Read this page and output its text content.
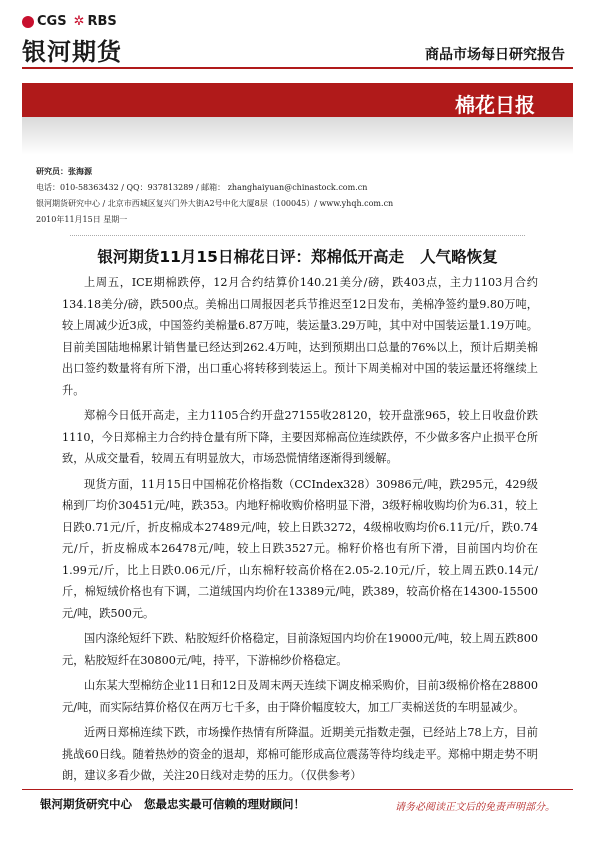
CGS ✲ RBS
银河期货	商品市场每日研究报告
棉花日报
研究员：张海源
电话：010-58363432 / QQ：937813289 / 邮箱： zhanghaiyuan@chinastock.com.cn
银河期货研究中心 / 北京市西城区复兴门外大街A2号中化大厦8层（100045）/ www.yhqh.com.cn
2010年11月15日 星期一
银河期货11月15日棉花日评：郑棉低开高走   人气略恢复

上周五，ICE期棉跌停，12月合约结算价140.21美分/磅，跌403点，主力1103月合约134.18美分/磅，跌500点。美棉出口周报因老兵节推迟至12日发布，美棉净签约量9.80万吨，较上周减少近3成，中国签约美棉量6.87万吨，装运量3.29万吨，其中对中国装运量1.19万吨。目前美国陆地棉累计销售量已经达到262.4万吨，达到预期出口总量的76%以上，预计后期美棉出口签约数量将有所下滑，出口重心将转移到装运上。预计下周美棉对中国的装运量还将继续上升。

郑棉今日低开高走，主力1105合约开盘27155收28120，较开盘涨965，较上日收盘价跌1110，今日郑棉主力合约持仓量有所下降，主要因郑棉高位连续跌停，不少做多客户止损平仓所致，从成交量看，较周五有明显放大，市场恐慌情绪逐渐得到缓解。

现货方面，11月15日中国棉花价格指数（CCIndex328）30986元/吨，跌295元，429级棉到厂均价30451元/吨，跌353。内地籽棉收购价格明显下滑，3级籽棉收购均价为6.31，较上日跌0.71元/斤，折皮棉成本27489元/吨，较上日跌3272，4级棉收购均价6.11元/斤，跌0.74元/斤，折皮棉成本26478元/吨，较上日跌3527元。棉籽价格也有所下滑，目前国内均价在1.99元/斤，比上日跌0.06元/斤，山东棉籽较高价格在2.05-2.10元/斤，较上周五跌0.14元/斤，棉短绒价格也有下调，二道绒国内均价在13389元/吨，跌389，较高价格在14300-15500元/吨，跌500元。

国内涤纶短纤下跌、粘胶短纤价格稳定，目前涤短国内均价在19000元/吨，较上周五跌800元，粘胶短纤在30800元/吨，持平，下游棉纱价格稳定。

山东某大型棉纺企业11日和12日及周末两天连续下调皮棉采购价，目前3级棉价格在28800元/吨，而实际结算价格仅在两万七千多，由于降价幅度较大，加工厂卖棉送货的车明显减少。

近两日郑棉连续下跌，市场操作热情有所降温。近期美元指数走强，已经站上78上方，目前挑战60日线。随着热炒的资金的退却，郑棉可能形成高位震荡等待均线走平。郑棉中期走势不明朗，建议多看少做，关注20日线对走势的压力。（仅供参考）

银河期货研究中心   您最忠实最可信赖的理财顾问！	请务必阅读正文后的免责声明部分。
